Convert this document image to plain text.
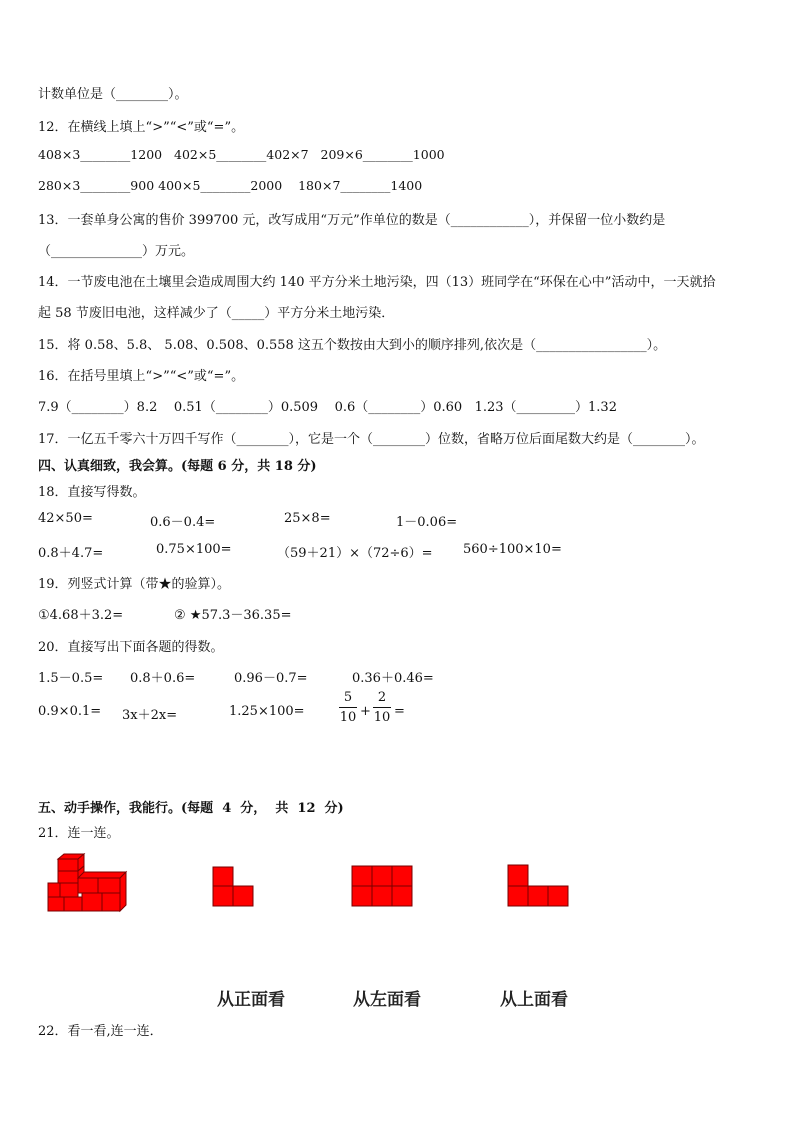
计数单位是（________）。
12．在横线上填上“>”“<”或“=”。
408×3________1200   402×5________402×7   209×6________1000
280×3________900 400×5________2000    180×7________1400
13．一套单身公寓的售价 399700 元，改写成用“万元”作单位的数是（____________），并保留一位小数约是
（______________）万元。
14．一节废电池在土壤里会造成周围大约 140 平方分米土地污染，四（13）班同学在“环保在心中”活动中，一天就拾
起 58 节废旧电池，这样减少了（_____）平方分米土地污染．
15．将 0.58、5.8、 5.08、0.508、0.558 这五个数按由大到小的顺序排列,依次是（_________________）。
16．在括号里填上“>”“<”或“=”。
7.9（________）8.2    0.51（________）0.509    0.6（________）0.60   1.23（_________）1.32
17．一亿五千零六十万四千写作（________），它是一个（________）位数，省略万位后面尾数大约是（________）。
四、认真细致，我会算。(每题 6 分，共 18 分)
18．直接写得数。
42×50=	0.6－0.4=	25×8=	1－0.06=
0.8＋4.7=	0.75×100=	（59＋21）×（72÷6）= 560÷100×10=
19．列竖式计算（带★的验算）。
①4.68＋3.2=	② ★57.3－36.35=
20．直接写出下面各题的得数。
1.5－0.5= 0.8＋0.6=	0.96－0.7=	0.36＋0.46=
0.9×0.1= 3x＋2x=	1.25×100=
5
10 +
2
10 =
五、动手操作，我能行。(每题  4  分，  共  12  分)
21．连一连。
从正面看	从左面看	从上面看
22．看一看,连一连．
